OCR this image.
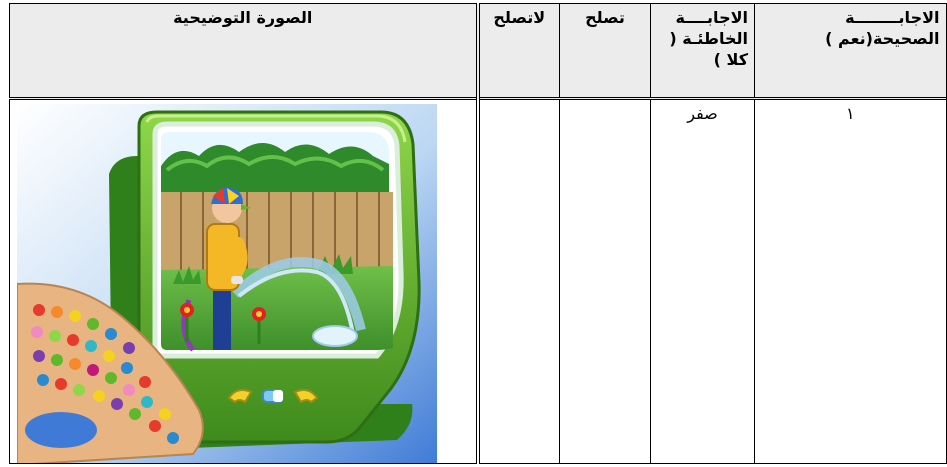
الاجابــــــــة الصحيحة(نعم )	الاجابــــة الخاطئـة ( كلا )	تصلح	لاتصلح	الصورة التوضيحية

١	صفر
